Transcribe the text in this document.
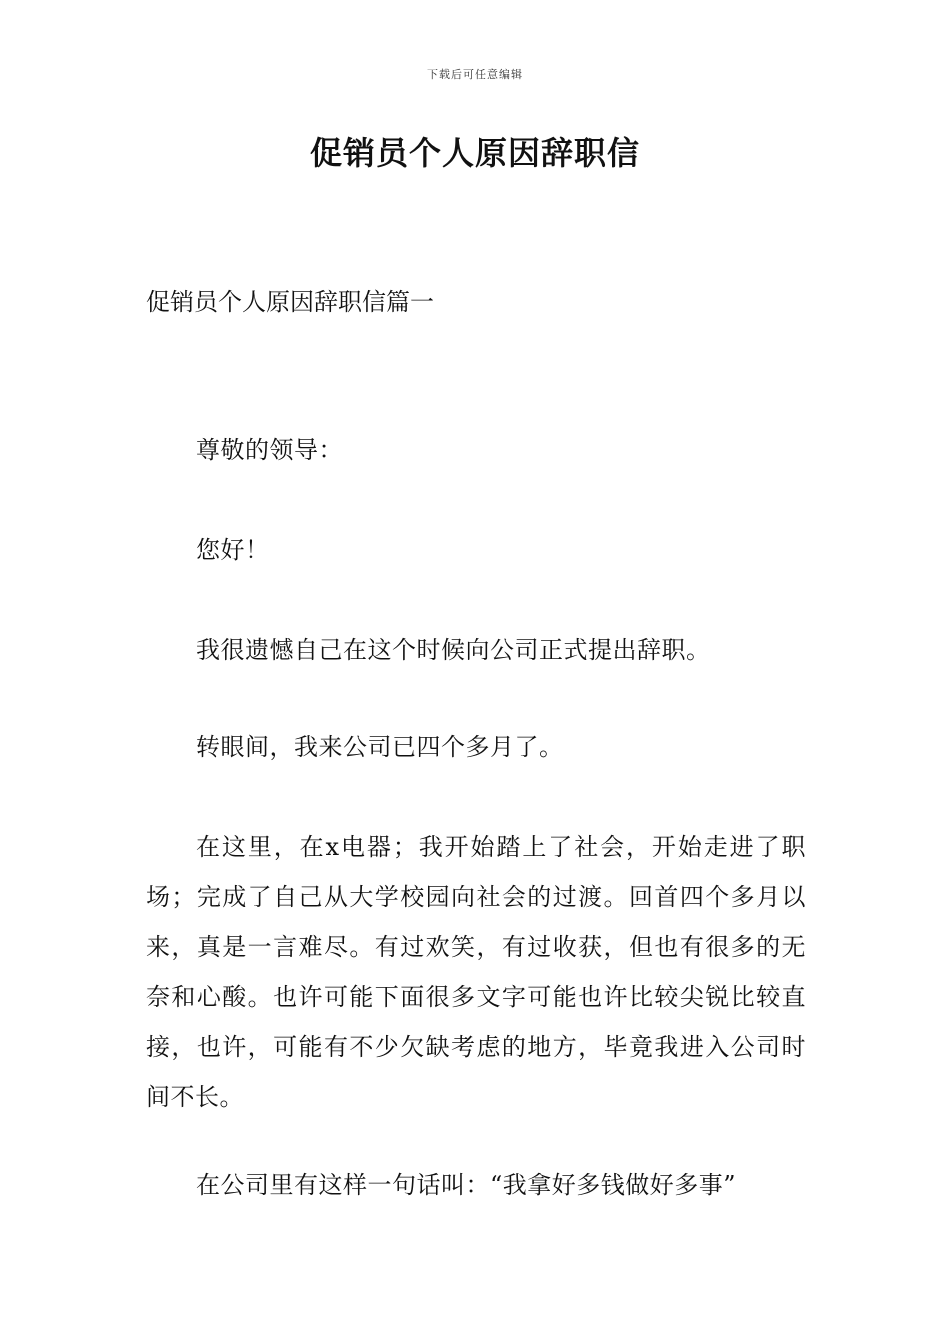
下载后可任意编辑
促销员个人原因辞职信
促销员个人原因辞职信篇一

尊敬的领导：

您好！

我很遗憾自己在这个时候向公司正式提出辞职。

转眼间，我来公司已四个多月了。

在这里，在x电器；我开始踏上了社会，开始走进了职场；完成了自己从大学校园向社会的过渡。回首四个多月以来，真是一言难尽。有过欢笑，有过收获，但也有很多的无奈和心酸。也许可能下面很多文字可能也许比较尖锐比较直接，也许，可能有不少欠缺考虑的地方，毕竟我进入公司时间不长。

在公司里有这样一句话叫：“我拿好多钱做好多事”
